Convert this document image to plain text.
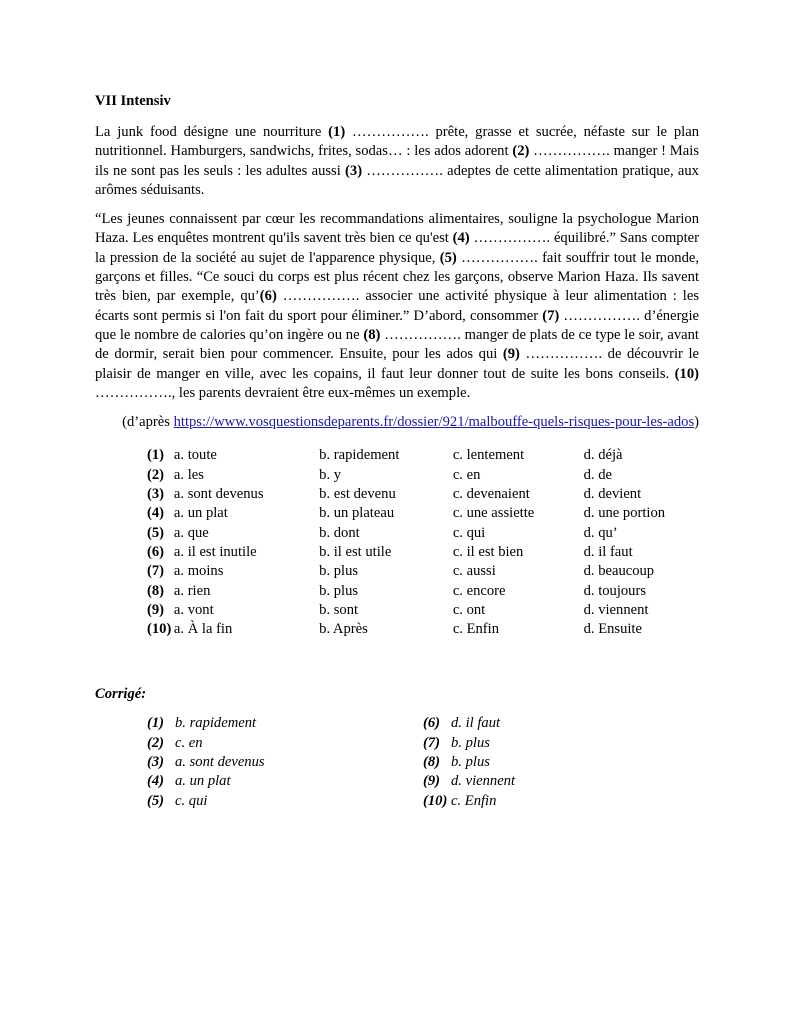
VII Intensiv

La junk food désigne une nourriture (1) ……………. prête, grasse et sucrée, néfaste sur le plan nutritionnel. Hamburgers, sandwichs, frites, sodas… : les ados adorent (2) ……………. manger ! Mais ils ne sont pas les seuls : les adultes aussi (3) ……………. adeptes de cette alimentation pratique, aux arômes séduisants.

“Les jeunes connaissent par cœur les recommandations alimentaires, souligne la psychologue Marion Haza. Les enquêtes montrent qu'ils savent très bien ce qu'est (4) ……………. équilibré.” Sans compter la pression de la société au sujet de l'apparence physique, (5) ……………. fait souffrir tout le monde, garçons et filles. “Ce souci du corps est plus récent chez les garçons, observe Marion Haza. Ils savent très bien, par exemple, qu’(6) ……………. associer une activité physique à leur alimentation : les écarts sont permis si l'on fait du sport pour éliminer.” D’abord, consommer (7) ……………. d’énergie que le nombre de calories qu’on ingère ou ne (8) ……………. manger de plats de ce type le soir, avant de dormir, serait bien pour commencer. Ensuite, pour les ados qui (9) ……………. de découvrir le plaisir de manger en ville, avec les copains, il faut leur donner tout de suite les bons conseils. (10) ……………., les parents devraient être eux-mêmes un exemple.

(d’après https://www.vosquestionsdeparents.fr/dossier/921/malbouffe-quels-risques-pour-les-ados)
(1) a. toute	b. rapidement	c. lentement	d. déjà
(2) a. les	b. y	c. en	d. de
(3) a. sont devenus	b. est devenu	c. devenaient	d. devient
(4) a. un plat	b. un plateau	c. une assiette	d. une portion
(5) a. que	b. dont	c. qui	d. qu’
(6) a. il est inutile	b. il est utile	c. il est bien	d. il faut
(7) a. moins	b. plus	c. aussi	d. beaucoup
(8) a. rien	b. plus	c. encore	d. toujours
(9) a. vont	b. sont	c. ont	d. viennent
(10) a. À la fin	b. Après	c. Enfin	d. Ensuite
Corrigé:
(1) b. rapidement
(2) c. en
(3) a. sont devenus
(4) a. un plat
(5) c. qui
(6) d. il faut
(7) b. plus
(8) b. plus
(9) d. viennent
(10) c. Enfin
